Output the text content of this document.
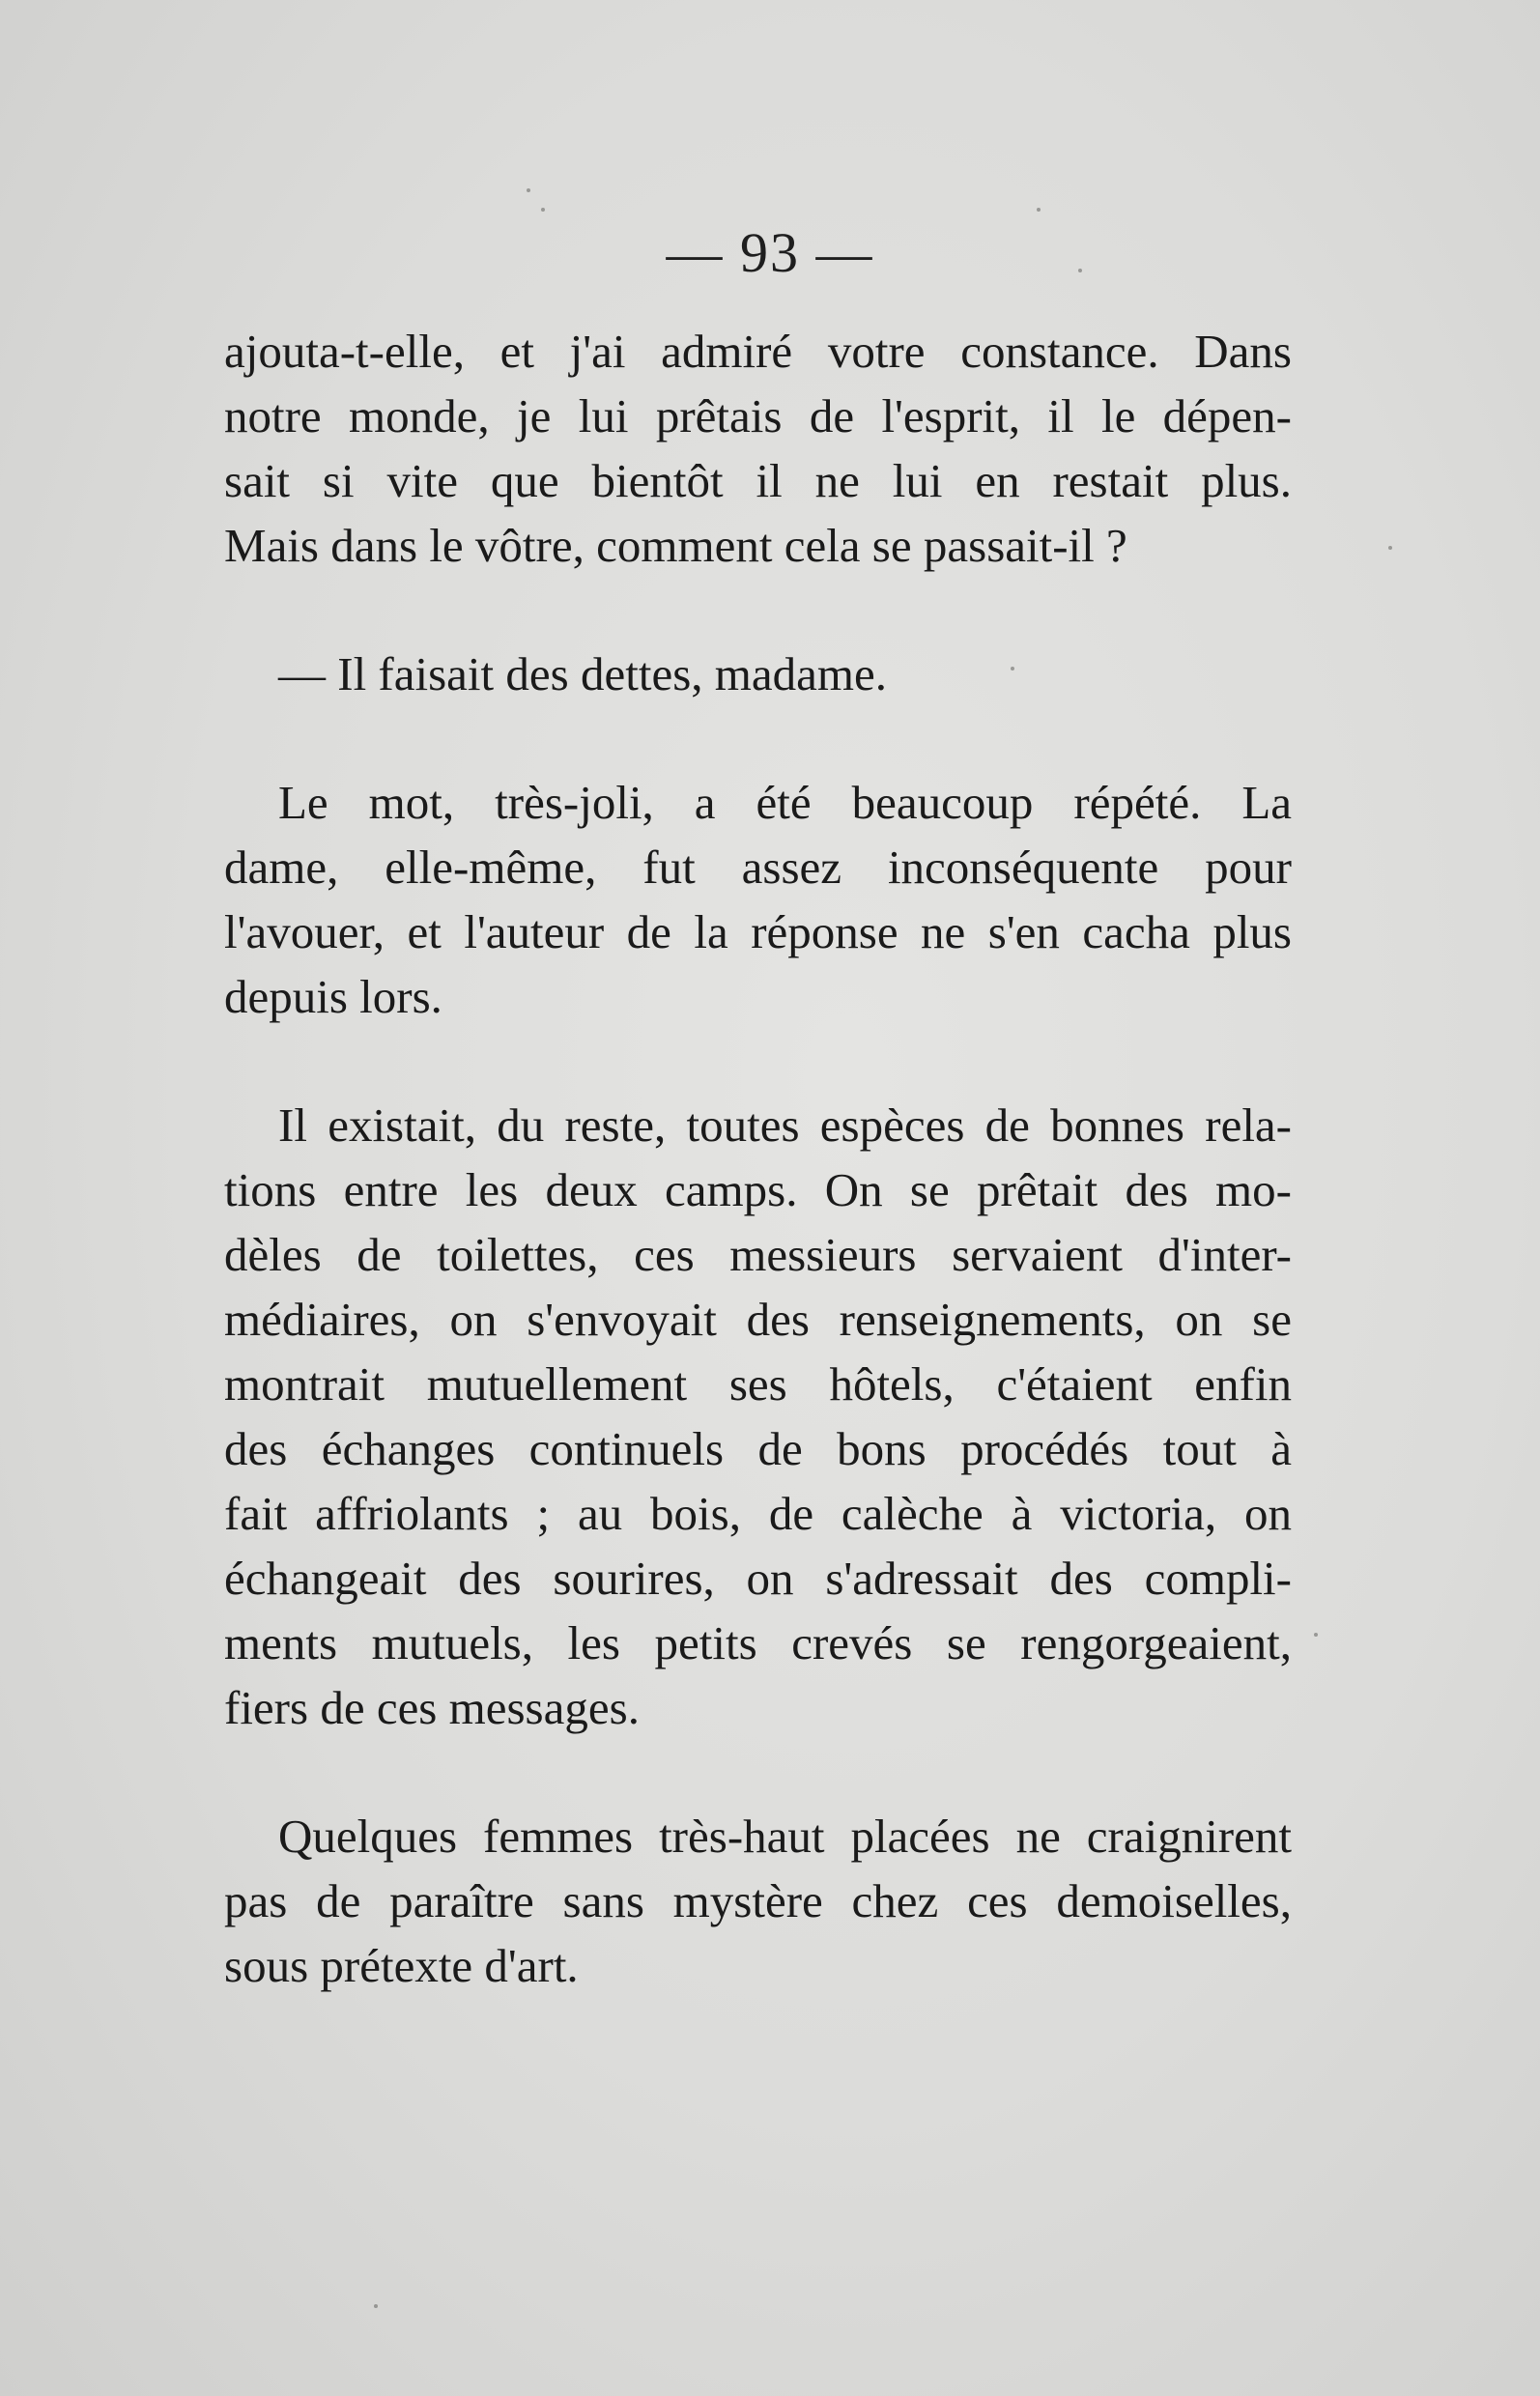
— 93 —

ajouta-t-elle, et j'ai admiré votre constance. Dans
notre monde, je lui prêtais de l'esprit, il le dépen-
sait si vite que bientôt il ne lui en restait plus.
Mais dans le vôtre, comment cela se passait-il ?

— Il faisait des dettes, madame.

Le mot, très-joli, a été beaucoup répété. La
dame, elle-même, fut assez inconséquente pour
l'avouer, et l'auteur de la réponse ne s'en cacha plus
depuis lors.

Il existait, du reste, toutes espèces de bonnes rela-
tions entre les deux camps. On se prêtait des mo-
dèles de toilettes, ces messieurs servaient d'inter-
médiaires, on s'envoyait des renseignements, on se
montrait mutuellement ses hôtels, c'étaient enfin
des échanges continuels de bons procédés tout à
fait affriolants ; au bois, de calèche à victoria, on
échangeait des sourires, on s'adressait des compli-
ments mutuels, les petits crevés se rengorgeaient,
fiers de ces messages.

Quelques femmes très-haut placées ne craignirent
pas de paraître sans mystère chez ces demoiselles,
sous prétexte d'art.
